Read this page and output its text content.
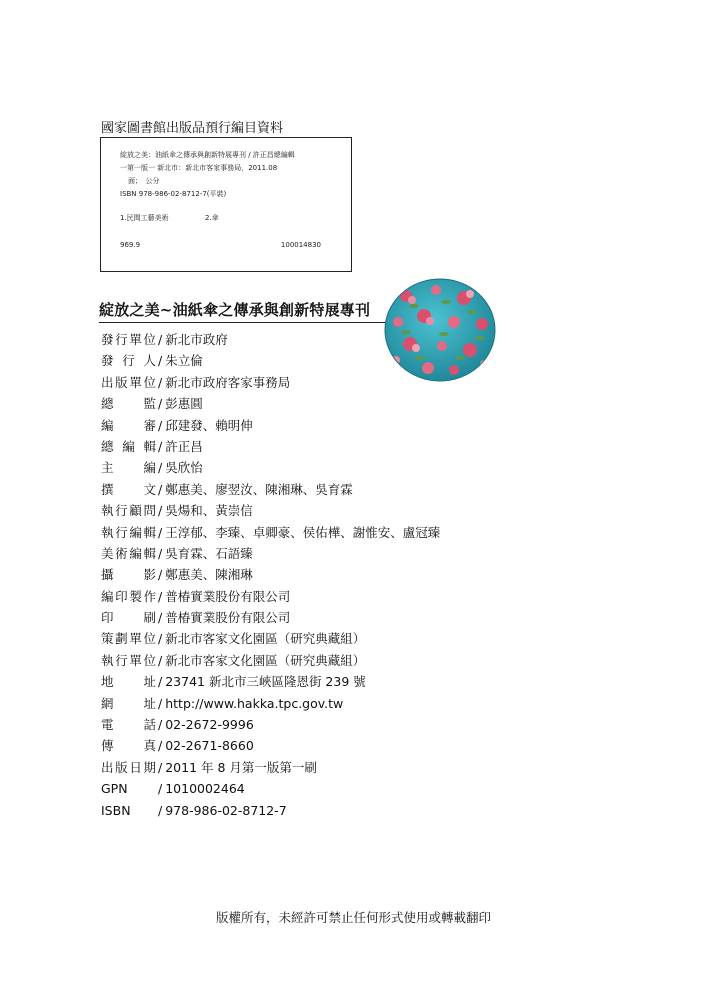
國家圖書館出版品預行編目資料
綻放之美：油紙傘之傳承與創新特展專刊 / 許正昌總編輯
一第一版一 新北市：新北市客家事務局，2011.08
面；　公分
ISBN 978-986-02-8712-7(平裝)
1.民間工藝美術	2.傘
969.9	100014830
綻放之美~油紙傘之傳承與創新特展專刊
發行單位 / 新北市政府
發行人 / 朱立倫
出版單位 / 新北市政府客家事務局
總監 / 彭惠圓
編審 / 邱建發、賴明伸
總編輯 / 許正昌
主編 / 吳欣怡
撰文 / 鄭惠美、廖翌汝、陳湘琳、吳育霖
執行顧問 / 吳煬和、黃崇信
執行編輯 / 王淳郁、李臻、卓卿豪、侯佑樺、謝惟安、盧冠臻
美術編輯 / 吳育霖、石語臻
攝影 / 鄭惠美、陳湘琳
編印製作 / 普椿實業股份有限公司
印刷 / 普椿實業股份有限公司
策劃單位 / 新北市客家文化園區（研究典藏組）
執行單位 / 新北市客家文化園區（研究典藏組）
地址 / 23741 新北市三峽區隆恩街 239 號
網址 / http://www.hakka.tpc.gov.tw
電話 / 02-2672-9996
傳真 / 02-2671-8660
出版日期 / 2011 年 8 月第一版第一刷
GPN	/ 1010002464
ISBN	/ 978-986-02-8712-7
版權所有，未經許可禁止任何形式使用或轉載翻印
